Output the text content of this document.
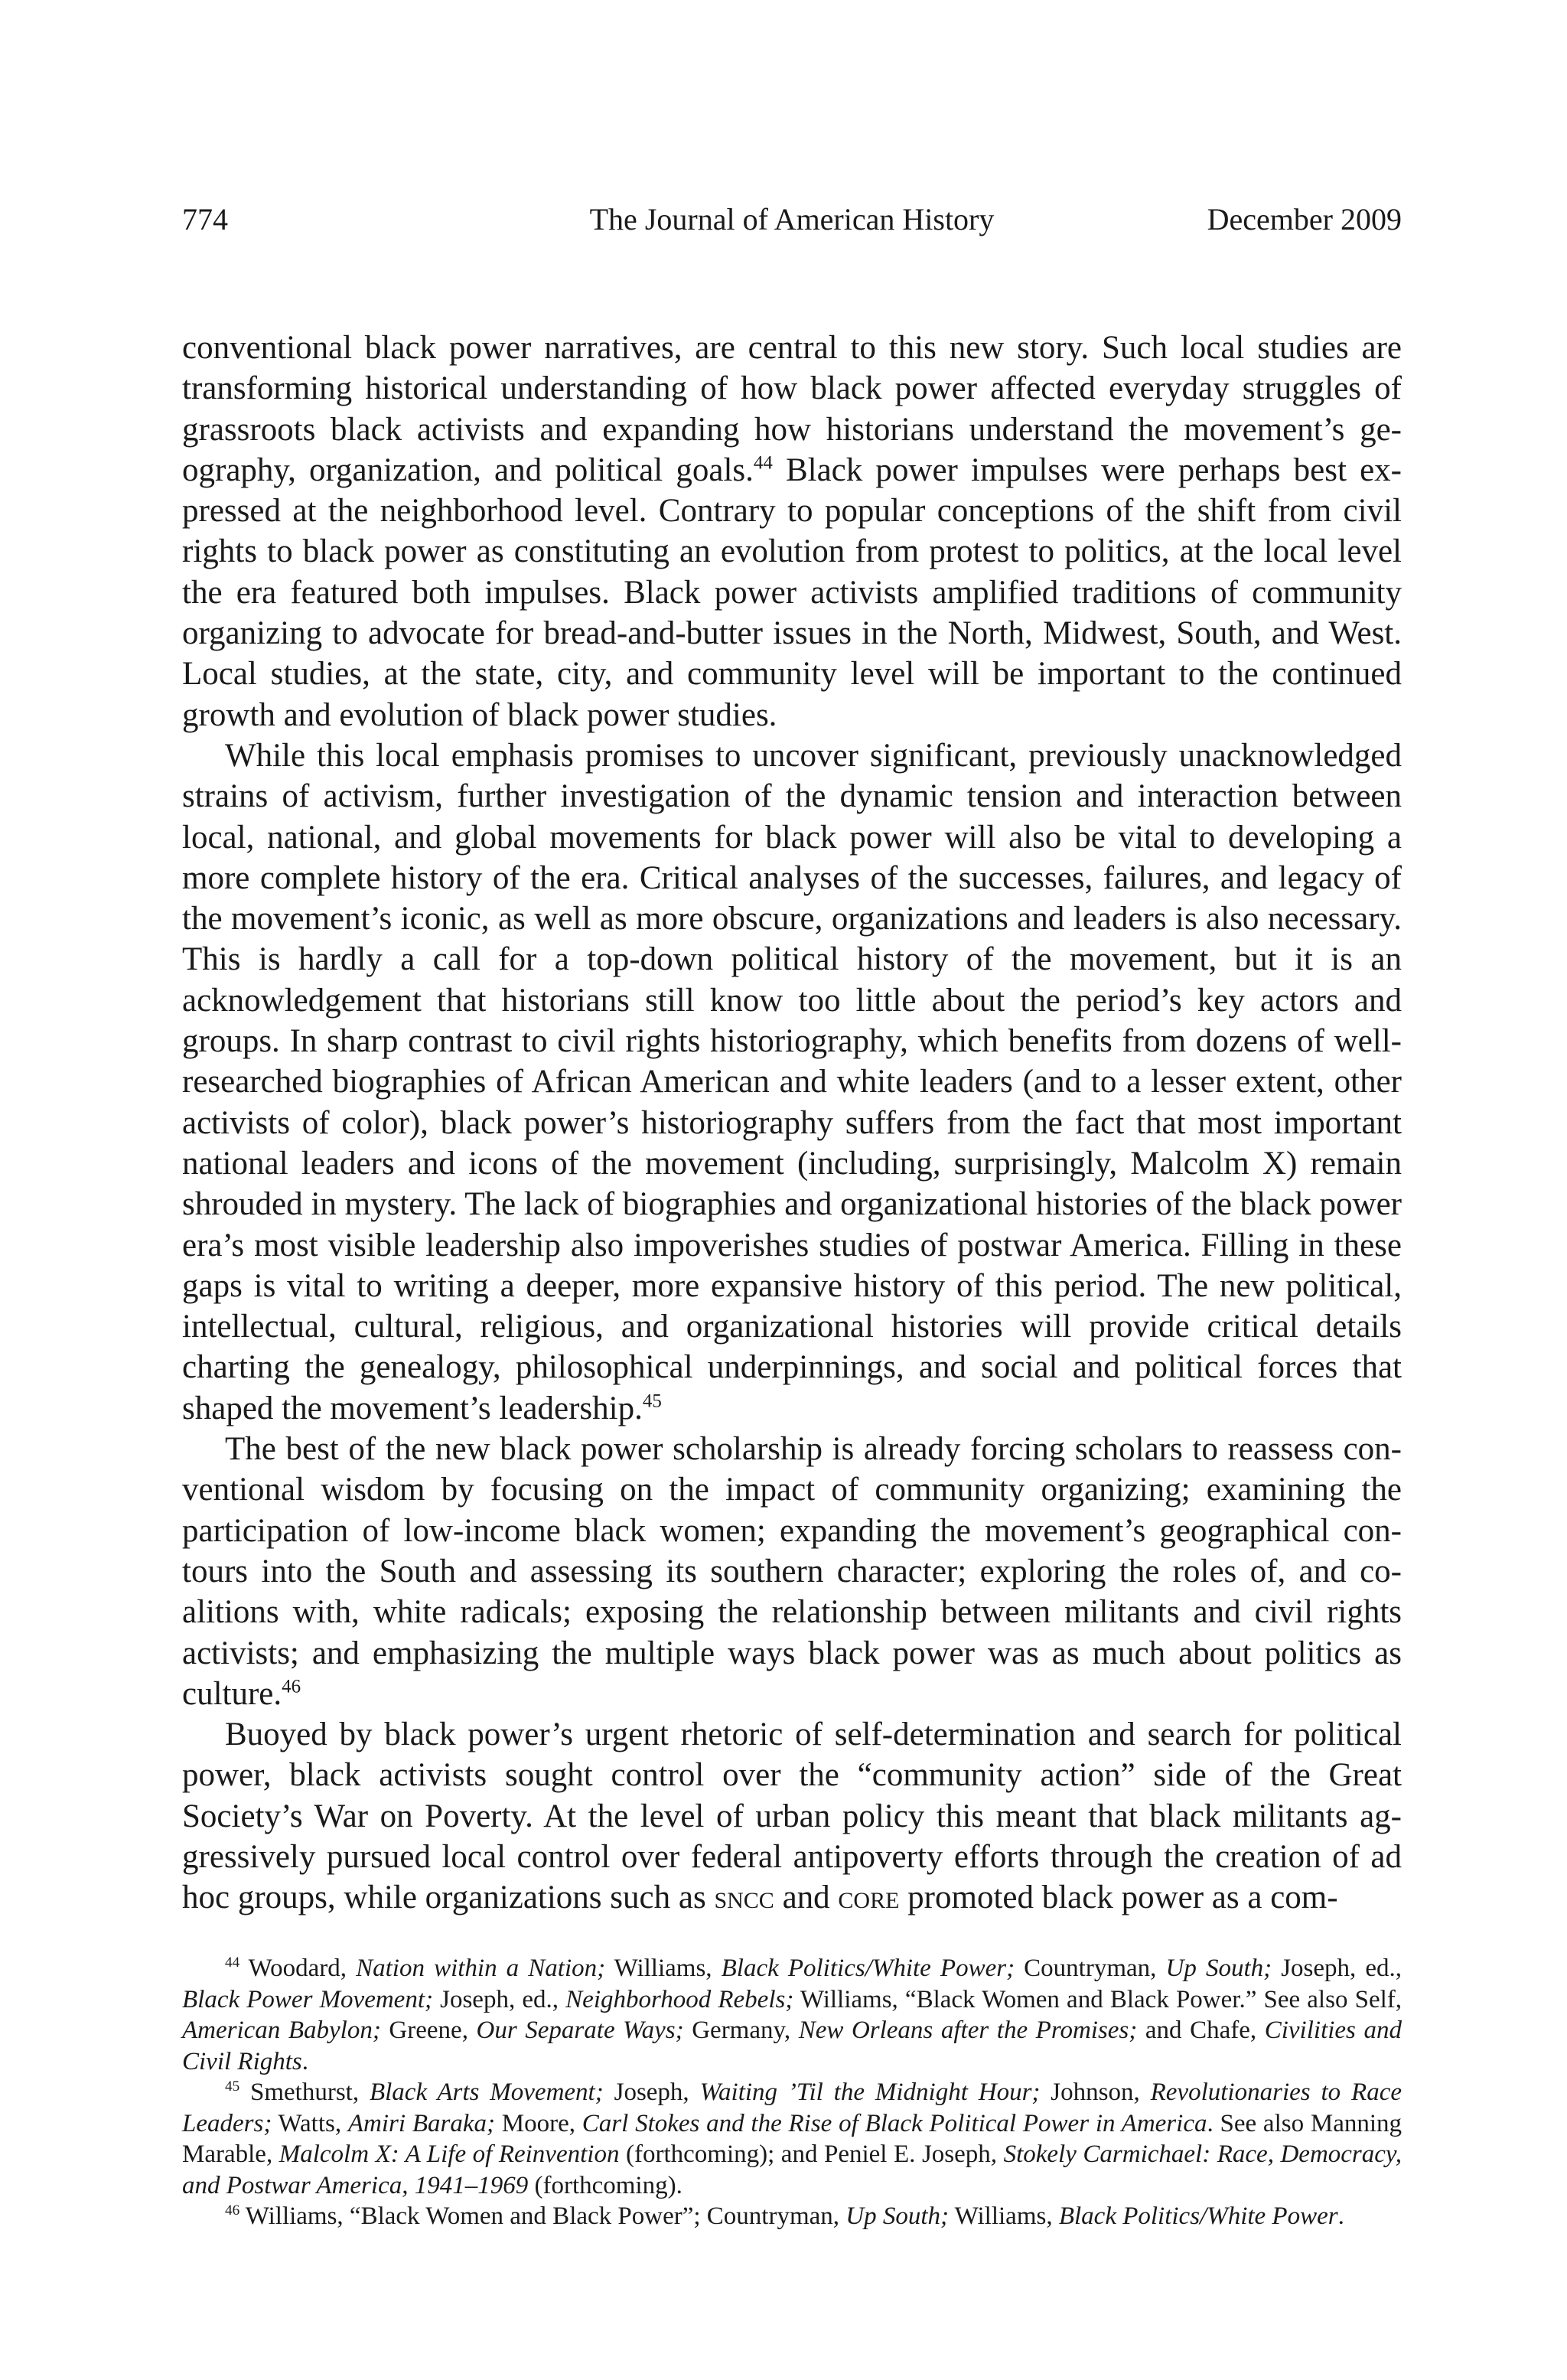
774	The Journal of American History	December 2009

conventional black power narratives, are central to this new story. Such local studies are transforming historical understanding of how black power affected everyday struggles of grassroots black activists and expanding how historians understand the movement’s geography, organization, and political goals.$^{44}$ Black power impulses were perhaps best expressed at the neighborhood level. Contrary to popular conceptions of the shift from civil rights to black power as constituting an evolution from protest to politics, at the local level the era featured both impulses. Black power activists amplified traditions of community organizing to advocate for bread-and-butter issues in the North, Midwest, South, and West. Local studies, at the state, city, and community level will be important to the continued growth and evolution of black power studies.

While this local emphasis promises to uncover significant, previously unacknowledged strains of activism, further investigation of the dynamic tension and interaction between local, national, and global movements for black power will also be vital to developing a more complete history of the era. Critical analyses of the successes, failures, and legacy of the movement’s iconic, as well as more obscure, organizations and leaders is also necessary. This is hardly a call for a top-down political history of the movement, but it is an acknowledgement that historians still know too little about the period’s key actors and groups. In sharp contrast to civil rights historiography, which benefits from dozens of well-researched biographies of African American and white leaders (and to a lesser extent, other activists of color), black power’s historiography suffers from the fact that most important national leaders and icons of the movement (including, surprisingly, Malcolm X) remain shrouded in mystery. The lack of biographies and organizational histories of the black power era’s most visible leadership also impoverishes studies of postwar America. Filling in these gaps is vital to writing a deeper, more expansive history of this period. The new political, intellectual, cultural, religious, and organizational histories will provide critical details charting the genealogy, philosophical underpinnings, and social and political forces that shaped the movement’s leadership.$^{45}$

The best of the new black power scholarship is already forcing scholars to reassess conventional wisdom by focusing on the impact of community organizing; examining the participation of low-income black women; expanding the movement’s geographical contours into the South and assessing its southern character; exploring the roles of, and coalitions with, white radicals; exposing the relationship between militants and civil rights activists; and emphasizing the multiple ways black power was as much about politics as culture.$^{46}$

Buoyed by black power’s urgent rhetoric of self-determination and search for political power, black activists sought control over the “community action” side of the Great Society’s War on Poverty. At the level of urban policy this meant that black militants aggressively pursued local control over federal antipoverty efforts through the creation of ad hoc groups, while organizations such as sncc and core promoted black power as a com-

$^{44}$ Woodard, Nation within a Nation; Williams, Black Politics/White Power; Countryman, Up South; Joseph, ed., Black Power Movement; Joseph, ed., Neighborhood Rebels; Williams, “Black Women and Black Power.” See also Self, American Babylon; Greene, Our Separate Ways; Germany, New Orleans after the Promises; and Chafe, Civilities and Civil Rights.

$^{45}$ Smethurst, Black Arts Movement; Joseph, Waiting ’Til the Midnight Hour; Johnson, Revolutionaries to Race Leaders; Watts, Amiri Baraka; Moore, Carl Stokes and the Rise of Black Political Power in America. See also Manning Marable, Malcolm X: A Life of Reinvention (forthcoming); and Peniel E. Joseph, Stokely Carmichael: Race, Democracy, and Postwar America, 1941–1969 (forthcoming).

$^{46}$ Williams, “Black Women and Black Power”; Countryman, Up South; Williams, Black Politics/White Power.
